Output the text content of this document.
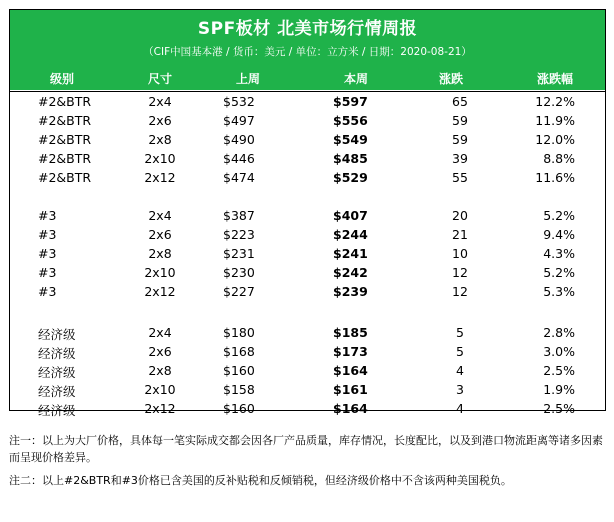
SPF板材 北美市场行情周报
（CIF中国基本港 / 货币：美元 / 单位：立方米 / 日期：2020-08-21）
级别	尺寸	上周	本周	涨跌	涨跌幅
#2&BTR	2x4	$532	$597	65	12.2%
#2&BTR	2x6	$497	$556	59	11.9%
#2&BTR	2x8	$490	$549	59	12.0%
#2&BTR	2x10	$446	$485	39	8.8%
#2&BTR	2x12	$474	$529	55	11.6%
#3	2x4	$387	$407	20	5.2%
#3	2x6	$223	$244	21	9.4%
#3	2x8	$231	$241	10	4.3%
#3	2x10	$230	$242	12	5.2%
#3	2x12	$227	$239	12	5.3%
经济级	2x4	$180	$185	5	2.8%
经济级	2x6	$168	$173	5	3.0%
经济级	2x8	$160	$164	4	2.5%
经济级	2x10	$158	$161	3	1.9%
经济级	2x12	$160	$164	4	2.5%

注一：以上为大厂价格，具体每一笔实际成交都会因各厂产品质量，库存情况，长度配比，以及到港口物流距离等诸多因素而呈现价格差异。

注二：以上#2&BTR和#3价格已含美国的反补贴税和反倾销税，但经济级价格中不含该两种美国税负。
